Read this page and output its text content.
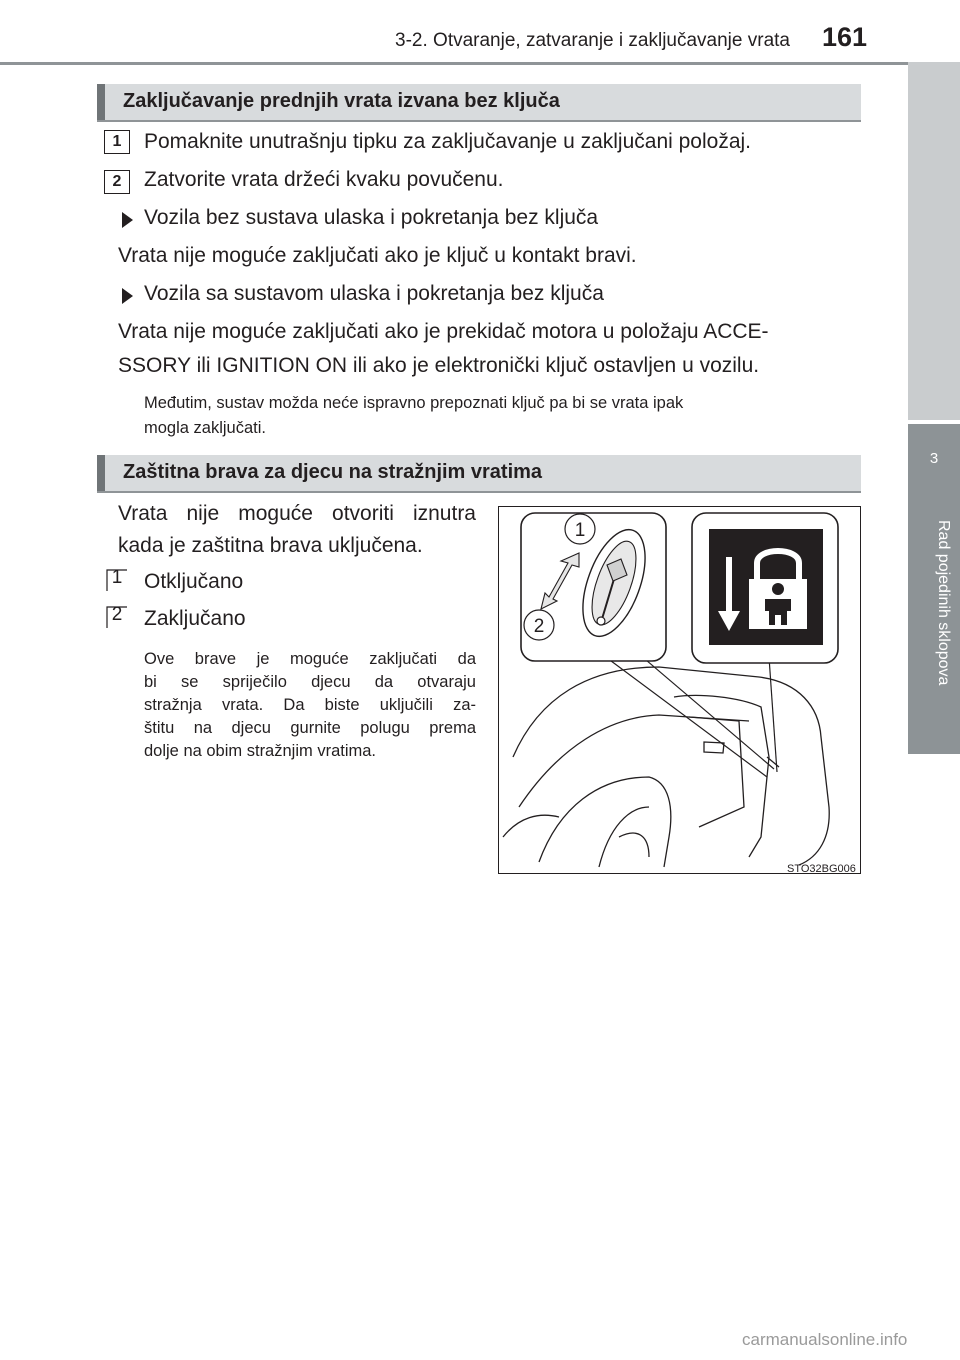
3-2. Otvaranje, zatvaranje i zaključavanje vrata 161
3
Rad pojedinih sklopova
Zaključavanje prednjih vrata izvana bez ključa
1	Pomaknite unutrašnju tipku za zaključavanje u zaključani položaj.
2	Zatvorite vrata držeći kvaku povučenu.
Vozila bez sustava ulaska i pokretanja bez ključa
Vrata nije moguće zaključati ako je ključ u kontakt bravi.
Vozila sa sustavom ulaska i pokretanja bez ključa
Vrata nije moguće zaključati ako je prekidač motora u položaju ACCE-
SSORY ili IGNITION ON ili ako je elektronički ključ ostavljen u vozilu.
Međutim, sustav možda neće ispravno prepoznati ključ pa bi se vrata ipak
mogla zaključati.
Zaštitna brava za djecu na stražnjim vratima
Vrata nije moguće otvoriti iznutra
kada je zaštitna brava uključena.
1	Otključano
2	Zaključano
Ove brave je moguće zaključati da
bi se spriječilo djecu da otvaraju
stražnja vrata. Da biste uključili za-
štitu na djecu gurnite polugu prema
dolje na obim stražnjim vratima.
1
2
STO32BG006
carmanualsonline.info
